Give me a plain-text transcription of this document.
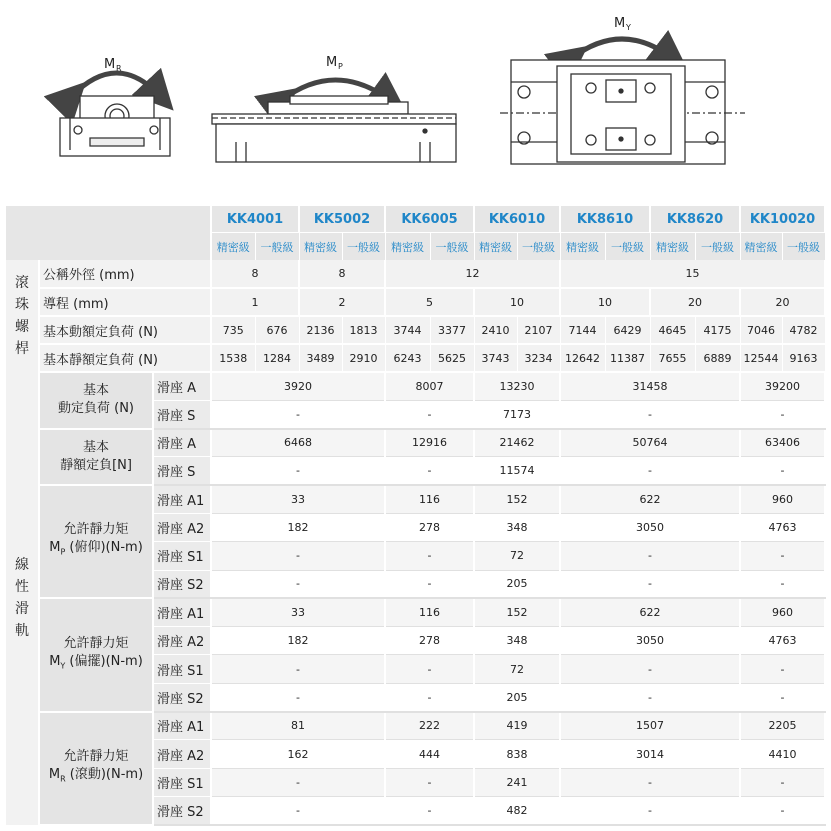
M R	M P
M Y
			KK4001		KK5002		KK6005		KK6010		KK8610		KK8620		KK10020		
			精密級	一般級	精密級	一般級	精密級	一般級	精密級	一般級	精密級	一般級	精密級	一般級	精密級	一般級	
滾珠螺桿	公稱外徑 (mm)		8		8		12				15	
	導程 (mm)		1		2		5		10		10		20		20		
	基本動額定負荷 (N)		735	676	2136	1813	3744	3377	2410	2107	7144	6429	4645	4175	7046	4782	
	基本靜額定負荷 (N)		1538	1284	3489	2910	6243	5625	3743	3234	12642	11387	7655	6889	12544	9163	
線性滑軌	基本
動定負荷 (N)	滑座 A	3920				8007		13230		31458				39200		
		滑座 S	-				-		7173		-				-		

	基本
靜額定負[N]	滑座 A	6468				12916		21462		50764				63406		
		滑座 S	-				-		11574		-				-		

	允許靜力矩
$M_P$ (俯仰)(N-m)	滑座 A1	33				116		152		622				960		
		滑座 A2	182				278		348		3050				4763		
		滑座 S1	-				-		72		-				-		
		滑座 S2	-				-		205		-				-		

	允許靜力矩
$M_Y$ (偏擺)(N-m)	滑座 A1	33				116		152		622				960		
		滑座 A2	182				278		348		3050				4763		
		滑座 S1	-				-		72		-				-		
		滑座 S2	-				-		205		-				-		

	允許靜力矩
$M_R$ (滾動)(N-m)	滑座 A1	81				222		419		1507				2205		
		滑座 A2	162				444		838		3014				4410		
		滑座 S1	-				-		241		-				-		
		滑座 S2	-				-		482		-				-		
